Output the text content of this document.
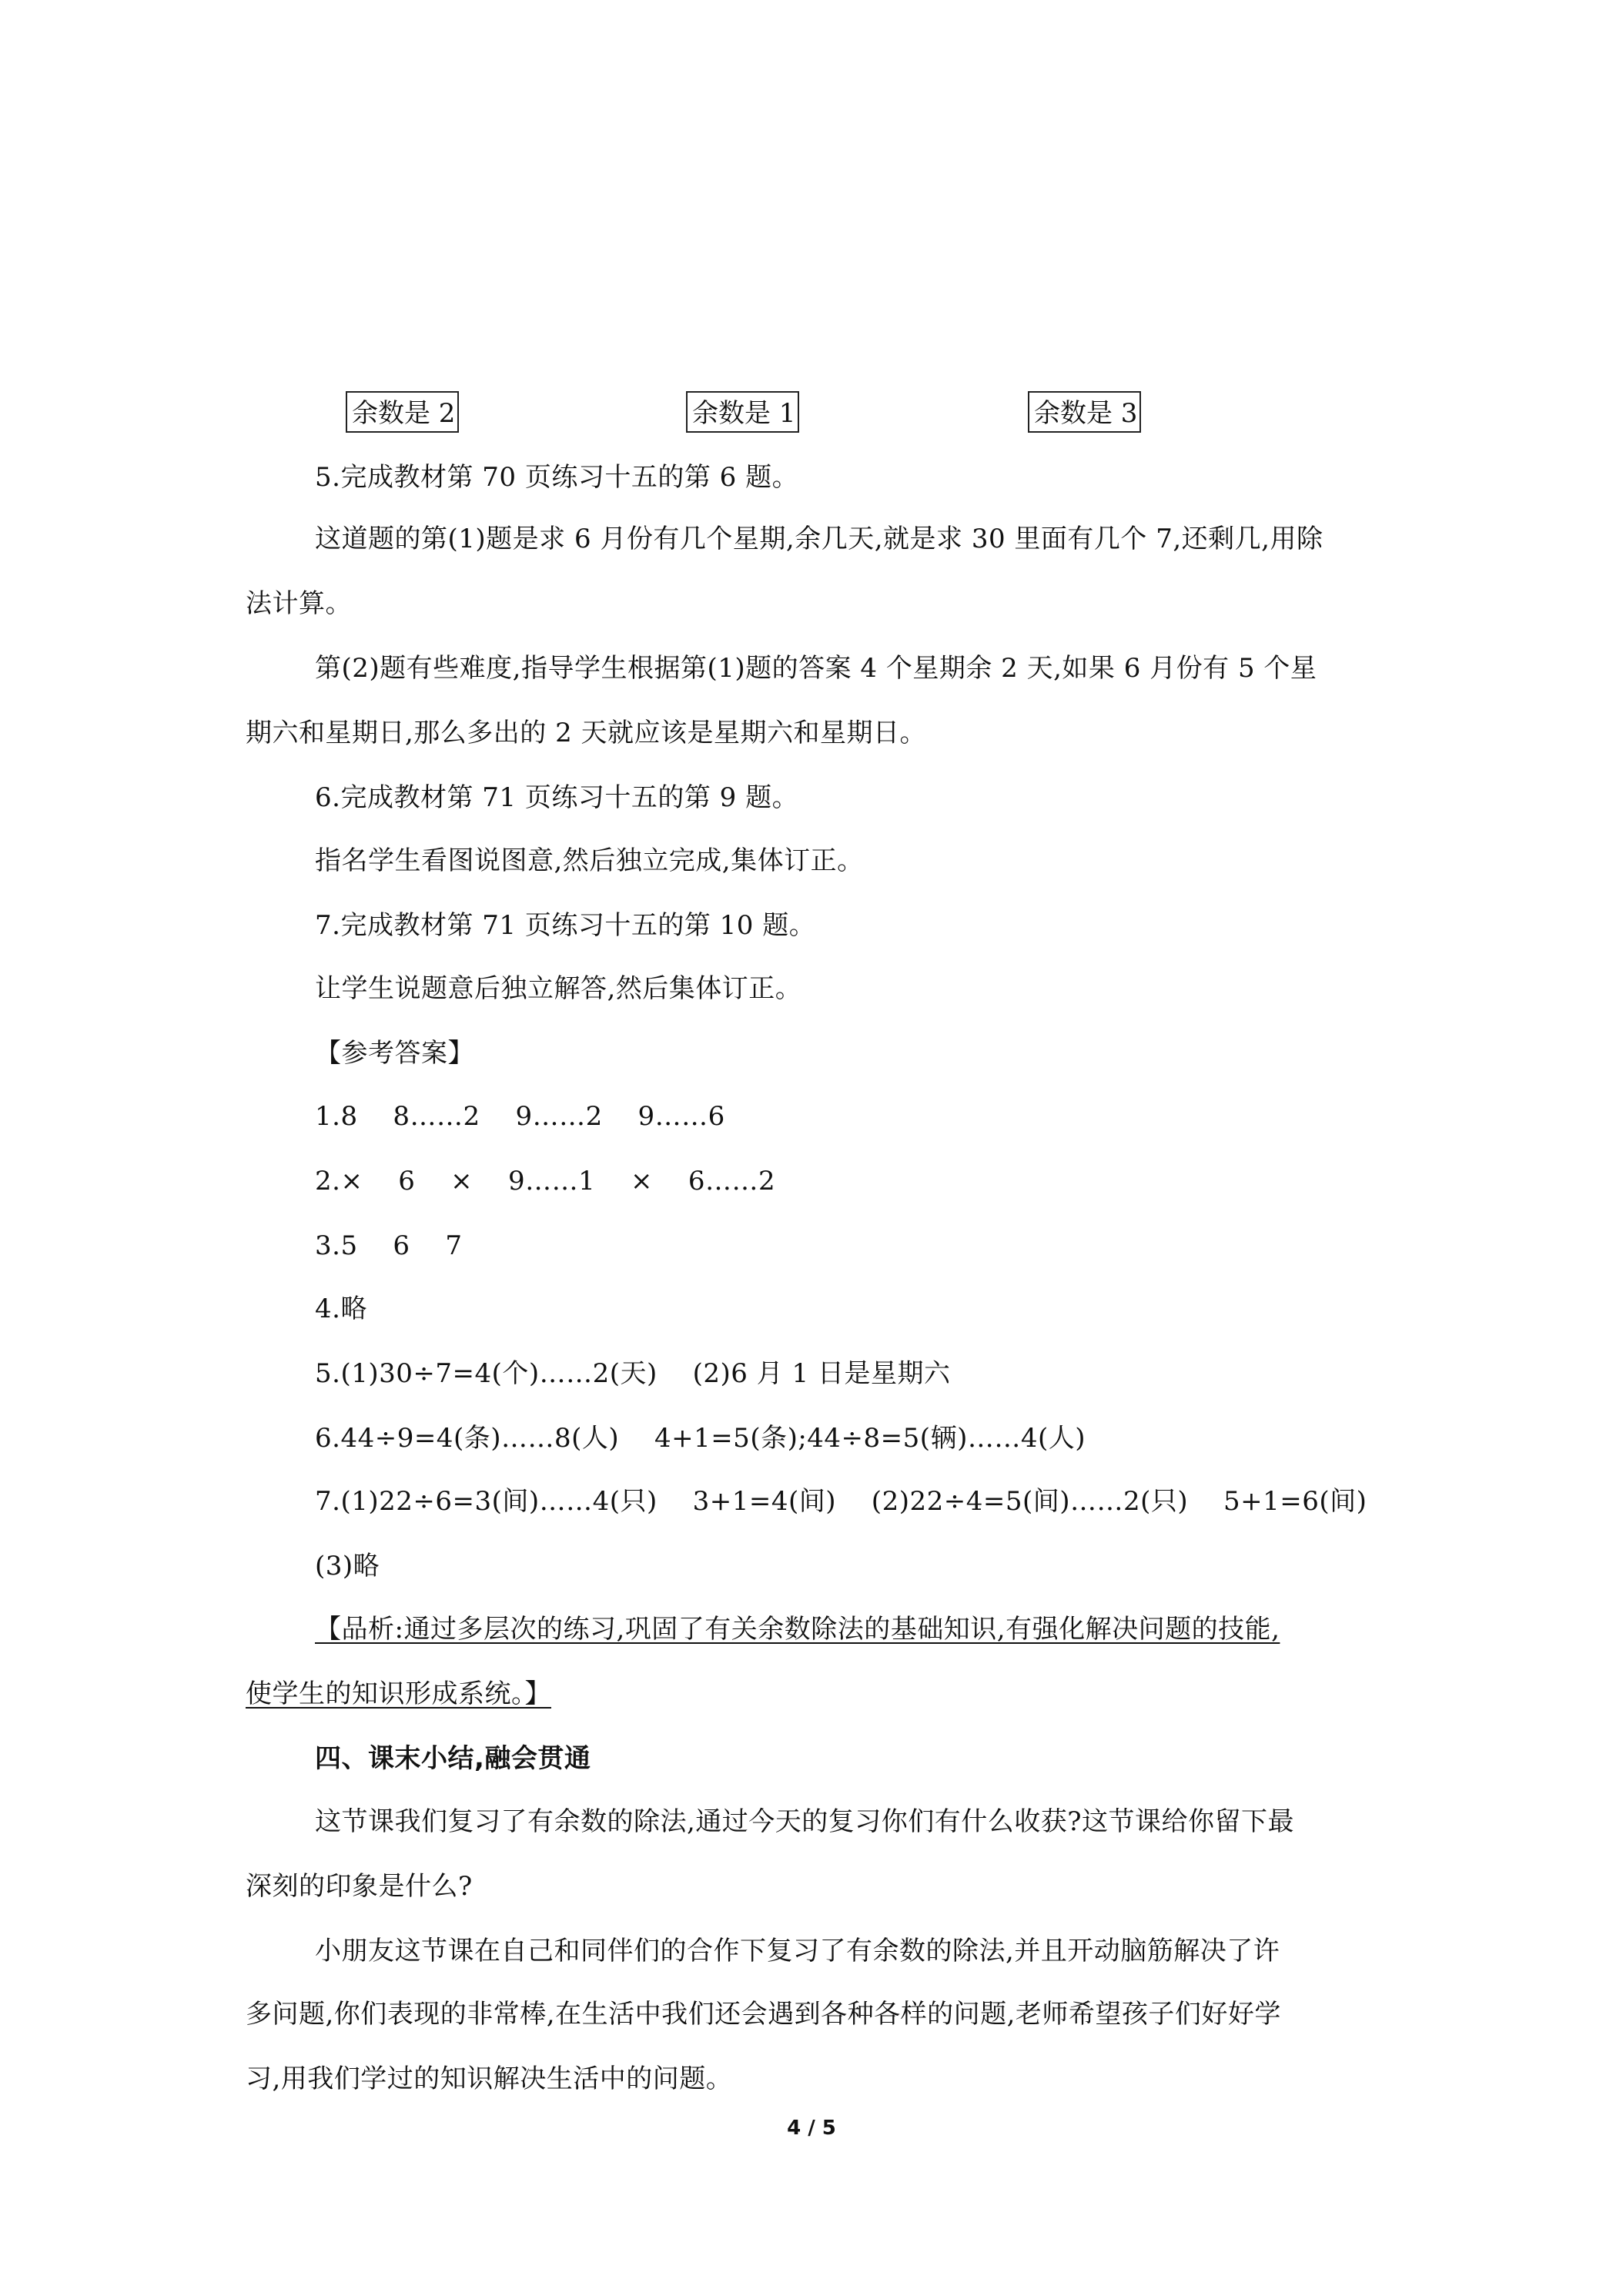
余数是 2	余数是 1	余数是 3
5.完成教材第 70 页练习十五的第 6 题。
这道题的第(1)题是求 6 月份有几个星期,余几天,就是求 30 里面有几个 7,还剩几,用除
法计算。
第(2)题有些难度,指导学生根据第(1)题的答案 4 个星期余 2 天,如果 6 月份有 5 个星
期六和星期日,那么多出的 2 天就应该是星期六和星期日。
6.完成教材第 71 页练习十五的第 9 题。
指名学生看图说图意,然后独立完成,集体订正。
7.完成教材第 71 页练习十五的第 10 题。
让学生说题意后独立解答,然后集体订正。
【参考答案】
1.8　 8……2　 9……2　 9……6
2.×　 6　 ×　 9……1　 ×　 6……2
3.5　 6　 7
4.略
5.(1)30÷7=4(个)……2(天)　 (2)6 月 1 日是星期六
6.44÷9=4(条)……8(人)　 4+1=5(条);44÷8=5(辆)……4(人)
7.(1)22÷6=3(间)……4(只)　 3+1=4(间)　 (2)22÷4=5(间)……2(只)　 5+1=6(间)
(3)略
【品析:通过多层次的练习,巩固了有关余数除法的基础知识,有强化解决问题的技能,
使学生的知识形成系统。】
四、课末小结,融会贯通
这节课我们复习了有余数的除法,通过今天的复习你们有什么收获?这节课给你留下最
深刻的印象是什么?
小朋友这节课在自己和同伴们的合作下复习了有余数的除法,并且开动脑筋解决了许
多问题,你们表现的非常棒,在生活中我们还会遇到各种各样的问题,老师希望孩子们好好学
习,用我们学过的知识解决生活中的问题。
4 / 5
